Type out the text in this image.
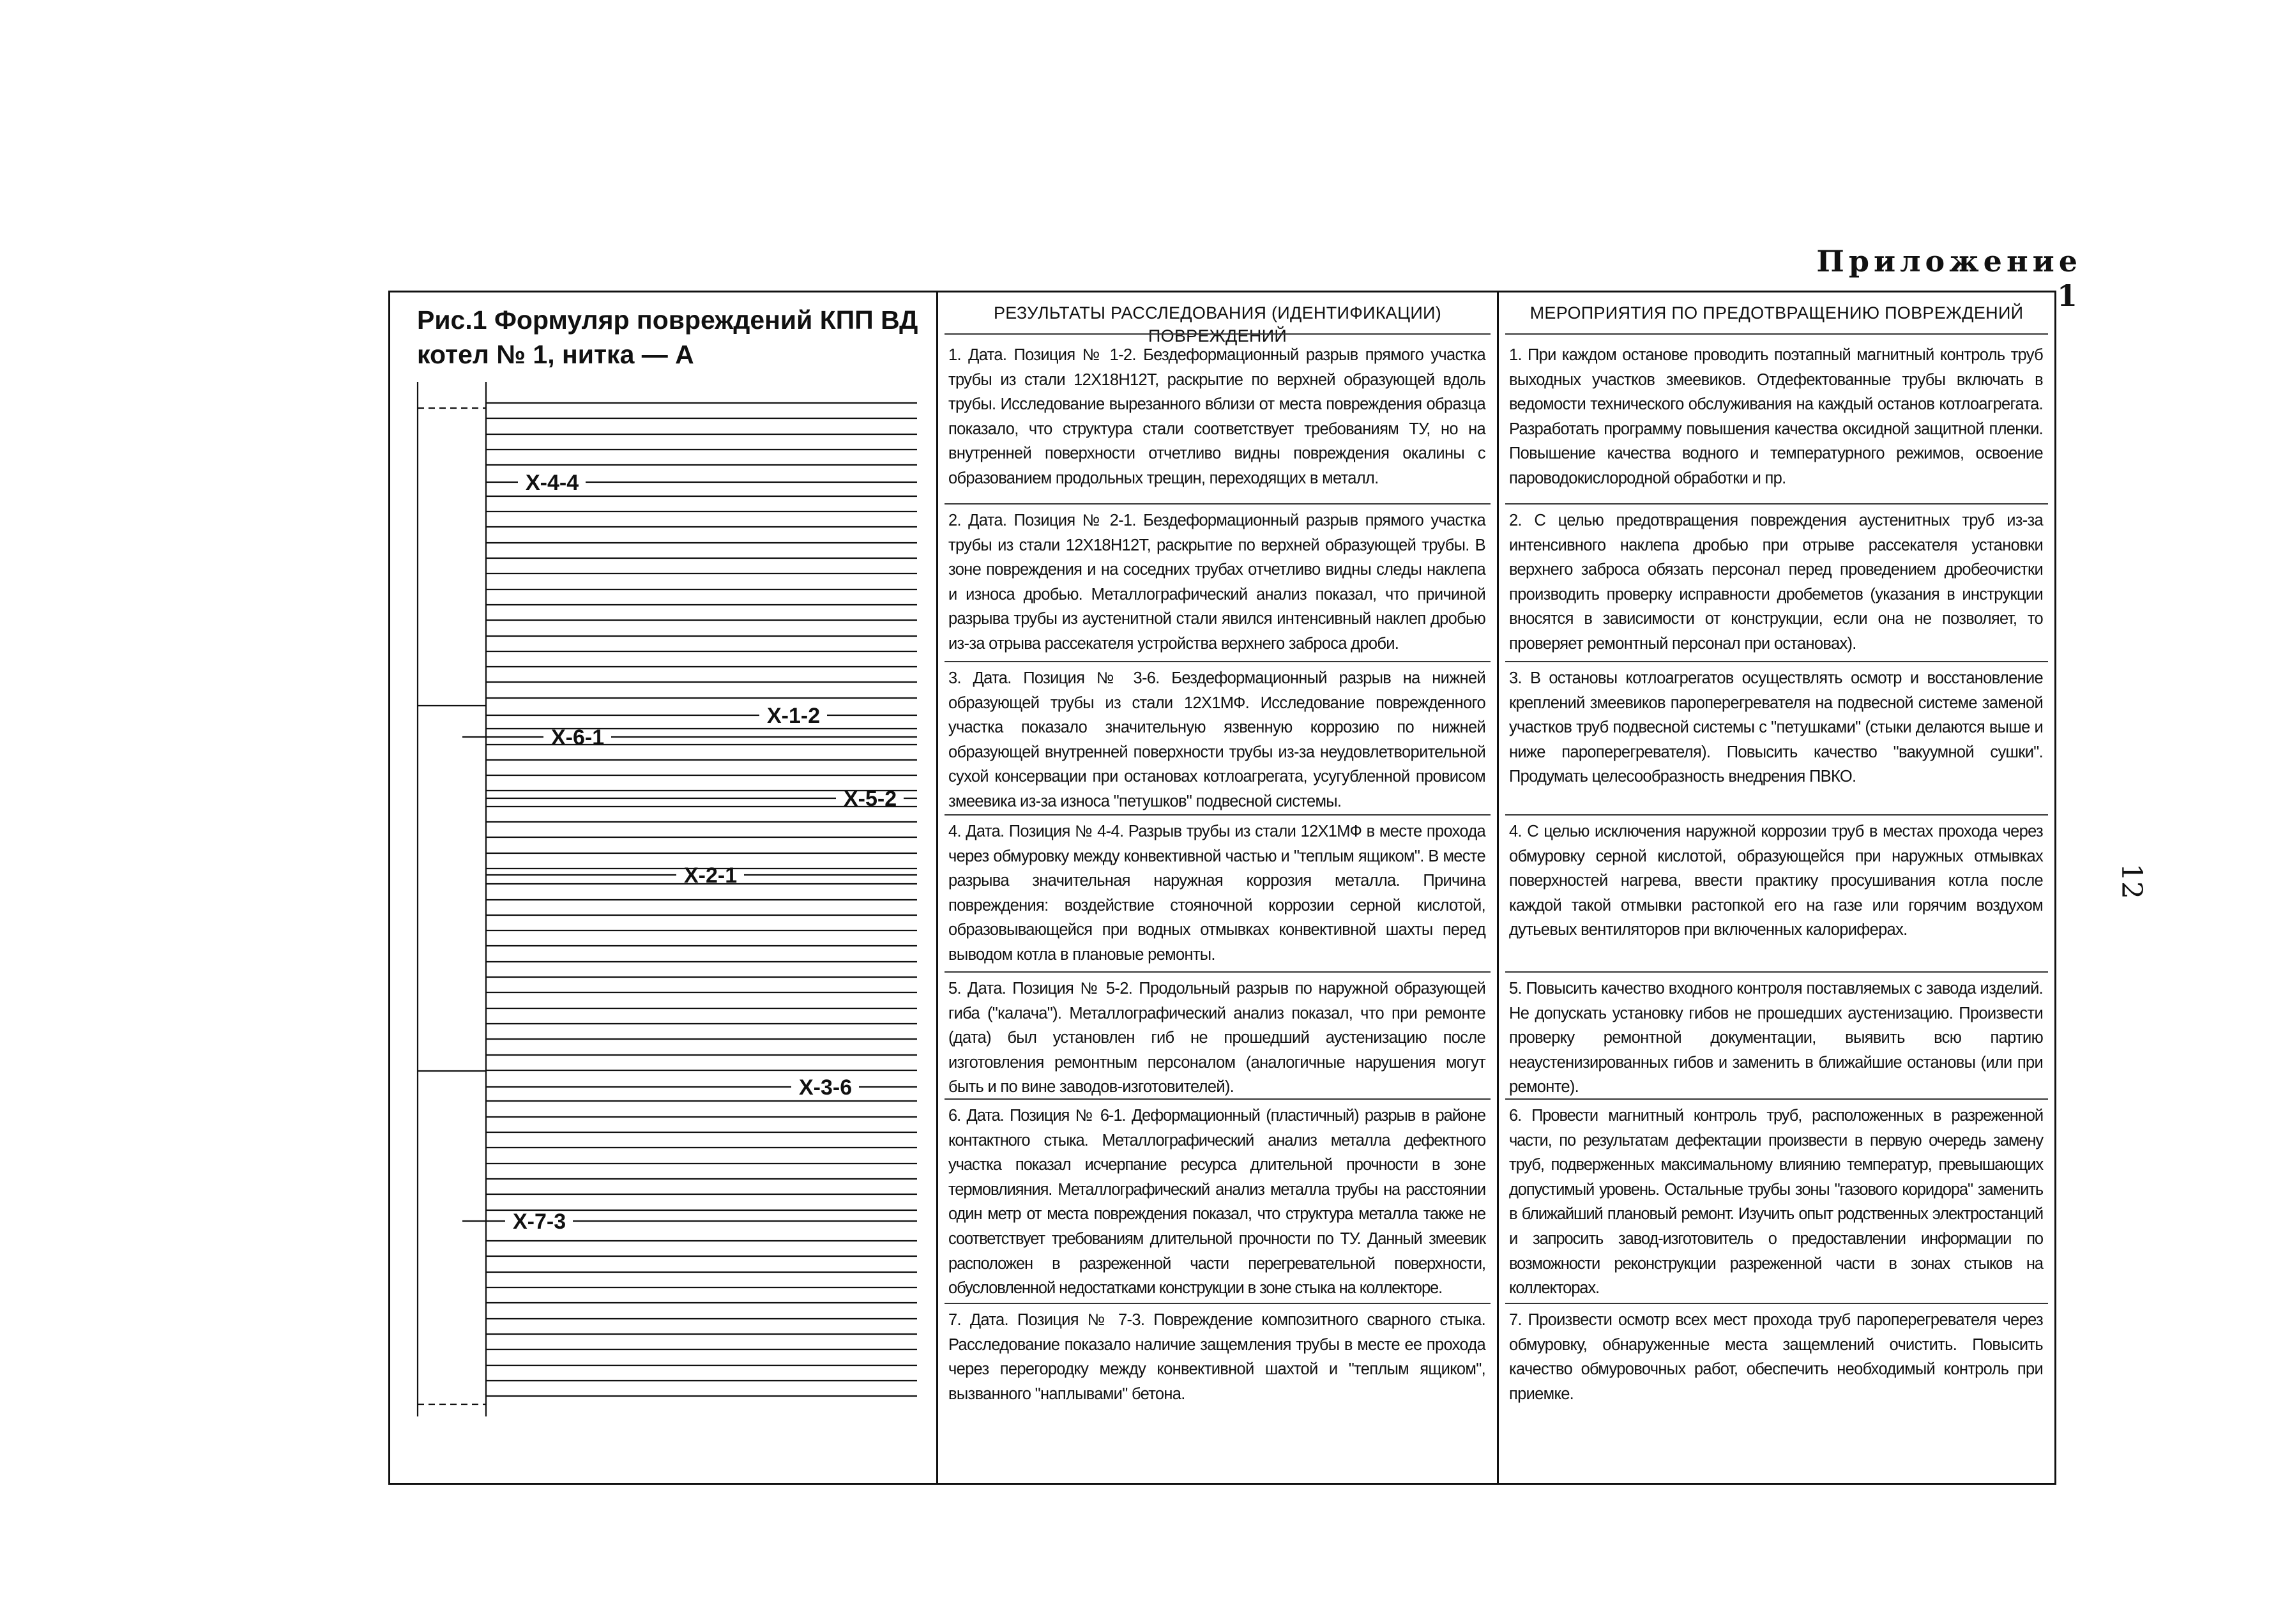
Приложение 1
12
Рис.1 Формуляр повреждений КПП ВД котел № 1, нитка — А
Х-4-4
Х-1-2
Х-6-1
Х-5-2
Х-2-1
Х-3-6
Х-7-3
РЕЗУЛЬТАТЫ РАССЛЕДОВАНИЯ (ИДЕНТИФИКАЦИИ) ПОВРЕЖДЕНИЙ
1. Дата. Позиция № 1-2. Бездеформационный разрыв прямого участка трубы из стали 12Х18Н12Т, раскрытие по верхней образующей вдоль трубы. Исследование вырезанного вблизи от места повреждения образца показало, что структура стали соответствует требованиям ТУ, но на внутренней поверхности отчетливо видны повреждения окалины с образованием продольных трещин, переходящих в металл.
2. Дата. Позиция № 2-1. Бездеформационный разрыв прямого участка трубы из стали 12Х18Н12Т, раскрытие по верхней образующей трубы. В зоне повреждения и на соседних трубах отчетливо видны следы наклепа и износа дробью. Металлографический анализ показал, что причиной разрыва трубы из аустенитной стали явился интенсивный наклеп дробью из-за отрыва рассекателя устройства верхнего заброса дроби.
3. Дата. Позиция № 3-6. Бездеформационный разрыв на нижней образующей трубы из стали 12Х1МФ. Исследование поврежденного участка показало значительную язвенную коррозию по нижней образующей внутренней поверхности трубы из-за неудовлетворительной сухой консервации при остановах котлоагрегата, усугубленной провисом змеевика из-за износа "петушков" подвесной системы.
4. Дата. Позиция № 4-4. Разрыв трубы из стали 12Х1МФ в месте прохода через обмуровку между конвективной частью и "теплым ящиком". В месте разрыва значительная наружная коррозия металла. Причина повреждения: воздействие стояночной коррозии серной кислотой, образовывающейся при водных отмывках конвективной шахты перед выводом котла в плановые ремонты.
5. Дата. Позиция № 5-2. Продольный разрыв по наружной образующей гиба ("калача"). Металлографический анализ показал, что при ремонте (дата) был установлен гиб не прошедший аустенизацию после изготовления ремонтным персоналом (аналогичные нарушения могут быть и по вине заводов-изготовителей).
6. Дата. Позиция № 6-1. Деформационный (пластичный) разрыв в районе контактного стыка. Металлографический анализ металла дефектного участка показал исчерпание ресурса длительной прочности в зоне термовлияния. Металлографический анализ металла трубы на расстоянии один метр от места повреждения показал, что структура металла также не соответствует требованиям длительной прочности по ТУ. Данный змеевик расположен в разреженной части перегревательной поверхности, обусловленной недостатками конструкции в зоне стыка на коллекторе.
7. Дата. Позиция № 7-3. Повреждение композитного сварного стыка. Расследование показало наличие защемления трубы в месте ее прохода через перегородку между конвективной шахтой и "теплым ящиком", вызванного "наплывами" бетона.
МЕРОПРИЯТИЯ ПО ПРЕДОТВРАЩЕНИЮ ПОВРЕЖДЕНИЙ
1. При каждом останове проводить поэтапный магнитный контроль труб выходных участков змеевиков. Отдефектованные трубы включать в ведомости технического обслуживания на каждый останов котлоагрегата. Разработать программу повышения качества оксидной защитной пленки. Повышение качества водного и температурного режимов, освоение пароводокислородной обработки и пр.
2. С целью предотвращения повреждения аустенитных труб из-за интенсивного наклепа дробью при отрыве рассекателя установки верхнего заброса обязать персонал перед проведением дробеочистки производить проверку исправности дробеметов (указания в инструкции вносятся в зависимости от конструкции, если она не позволяет, то проверяет ремонтный персонал при остановах).
3. В остановы котлоагрегатов осуществлять осмотр и восстановление креплений змеевиков пароперегревателя на подвесной системе заменой участков труб подвесной системы с "петушками" (стыки делаются выше и ниже пароперегревателя). Повысить качество "вакуумной сушки". Продумать целесообразность внедрения ПВКО.
4. С целью исключения наружной коррозии труб в местах прохода через обмуровку серной кислотой, образующейся при наружных отмывках поверхностей нагрева, ввести практику просушивания котла после каждой такой отмывки растопкой его на газе или горячим воздухом дутьевых вентиляторов при включенных калориферах.
5. Повысить качество входного контроля поставляемых с завода изделий. Не допускать установку гибов не прошедших аустенизацию. Произвести проверку ремонтной документации, выявить всю партию неаустенизированных гибов и заменить в ближайшие остановы (или при ремонте).
6. Провести магнитный контроль труб, расположенных в разреженной части, по результатам дефектации произвести в первую очередь замену труб, подверженных максимальному влиянию температур, превышающих допустимый уровень. Остальные трубы зоны "газового коридора" заменить в ближайший плановый ремонт. Изучить опыт родственных электростанций и запросить завод-изготовитель о предоставлении информации по возможности реконструкции разреженной части в зонах стыков на коллекторах.
7. Произвести осмотр всех мест прохода труб пароперегревателя через обмуровку, обнаруженные места защемлений очистить. Повысить качество обмуровочных работ, обеспечить необходимый контроль при приемке.
